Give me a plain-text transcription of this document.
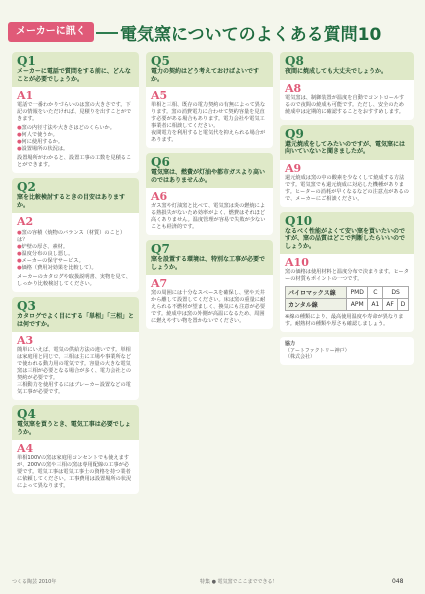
メーカーに訊く	電気窯についてのよくある質問10
Q1
メーカーに電話で質問をする前に、どんなことが必要でしょうか。
A1
電話で一番わかりづらいのは窯の大きさです。下記の情報をいただければ、見積りを出すことができます。
●窯の内径寸法や大きさはどのくらいか。
●何人で使うか。
●何に使用するか。
●設置場所の状況は。
設置場所がわかると、設置工事の工数を見積ることができます。
Q2
窯を比較検討するときの目安はありますか。
A2
●窯の容積（焼物のバランス（材質）のこと）は？
●炉壁の厚さ、素材。
●温度分布の良し悪し。
●メーカーの保守サービス。
●価格（費用対効果を比較して）。
メーカーのカタログや取扱説明書、実物を見て、しっかり比較検討してください。
Q3
カタログでよく目にする「単相」「三相」とは何ですか。
A3
簡単にいえば、電気の供給方法の違いです。単相は家庭用と同じで、三相は主に工場や事業所などで使われる動力用の電気です。容量の大きな電気窯は三相が必要となる場合が多く、電力会社との契約が必要です。
三相動力を使用するにはブレーカー設置などの電気工事が必要です。
Q4
電気窯を買うとき、電気工事は必要でしょうか。
A4
単相100Vの窯は家庭用コンセントでも使えますが、200Vの窯や三相の窯は専用配線の工事が必要です。電気工事は電気工事士の資格を持つ業者に依頼してください。工事費用は設置場所の状況によって異なります。
Q5
電力の契約はどう考えておけばよいですか。
A5
単相と三相、既存の電力契約の有無によって異なります。窯の消費電力に合わせて契約容量を見直す必要がある場合もあります。電力会社や電気工事業者に相談してください。
夜間電力を利用すると電気代を抑えられる場合があります。
Q6
電気窯は、燃費が灯油や都市ガスより高いのではありませんか。
A6
ガス窯や灯油窯と比べて、電気窯は炎の燃焼による熱損失がないため効率がよく、燃費はそれほど高くありません。温度管理が容易で失敗が少ないことも経済的です。
Q7
窯を設置する環境は、特別な工事が必要でしょうか。
A7
窯の周囲には十分なスペースを確保し、壁や天井から離して設置してください。床は窯の重量に耐えられる不燃材が望ましく、換気にも注意が必要です。焼成中は窯の外側が高温になるため、周囲に燃えやすい物を置かないでください。
Q8
夜間に焼成しても大丈夫でしょうか。
A8
電気窯は、制御装置が温度を自動でコントロールするので夜間の焼成も可能です。ただし、安全のため焼成中は定期的に確認することをおすすめします。
Q9
還元焼成をしてみたいのですが、電気窯には向いていないと聞きましたが。
A9
還元焼成は窯の中の酸素を少なくして焼成する方法です。電気窯でも還元焼成に対応した機種があります。ヒーターの消耗が早くなるなどの注意点があるので、メーカーにご相談ください。
Q10
なるべく性能がよくて安い窯を買いたいのですが、窯の品質はどこで判断したらいいのでしょうか。
A10
窯の価格は使用材料と温度分布で決まります。ヒーターの材質もポイントの一つです。
パイロマックス線	PMD	C	DS	
カンタル線	APM	A1	AF	D
※線の種類により、最高使用温度や寿命が異なります。耐熱材の種類や厚さも確認しましょう。
協力
（アートファクトリー神戸）
（株式会社）
つくる陶芸 2010年	特集 ● 電気窯でここまでできる！	048
